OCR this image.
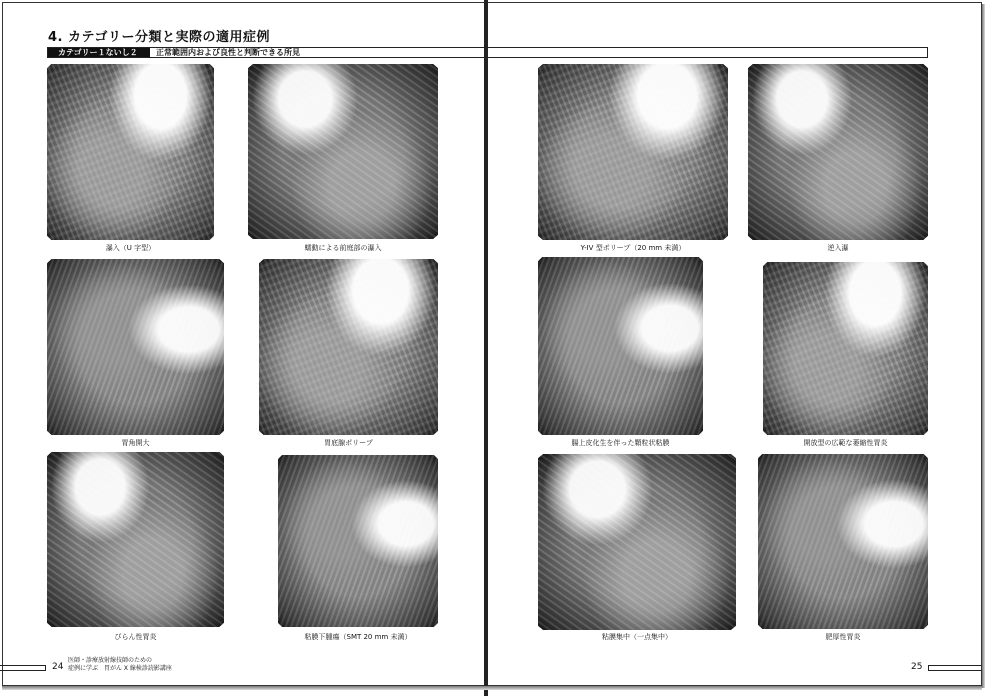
4. カテゴリー分類と実際の適用症例
カテゴリー１ないし２	正常範囲内および良性と判断できる所見
瀑入（U 字型）	蠕動による前庭部の瀑入
胃角開大	胃底腺ポリープ
びらん性胃炎	粘膜下腫瘍（SMT 20 mm 未満）
Y-IV 型ポリープ（20 mm 未満）	逆入瀑
腸上皮化生を伴った顆粒状粘膜	開放型の広範な萎縮性胃炎
粘膜集中（一点集中）	肥厚性胃炎
24
医師・診療放射線技師のための
症例に学ぶ　胃がん X 線検診読影講座	25
